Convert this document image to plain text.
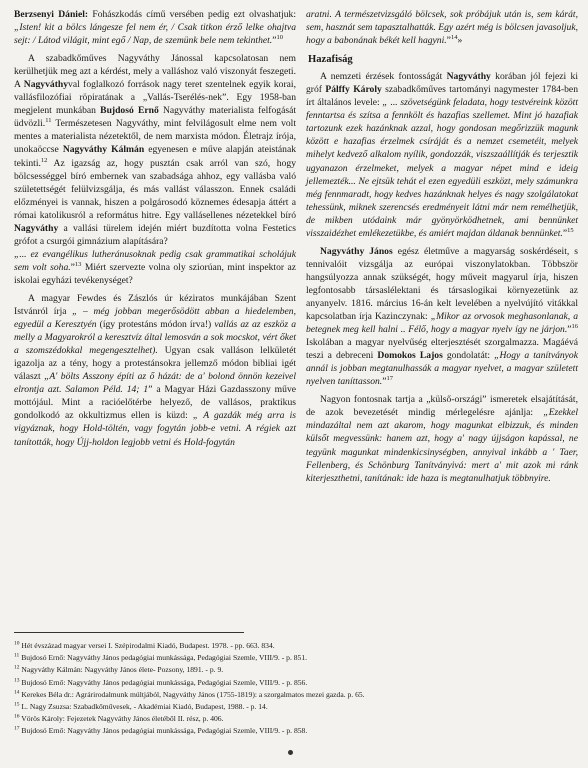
Berzsenyi Dániel: Fohászkodás című versében pedig ezt olvashatjuk: „Isten! kit a bölcs lángesze fel nem ér, / Csak titkon érző lelke ohajtva sejt: / Látod világit, mint egő / Nap, de szemünk bele nem tekinthet.”$^{10}$

A szabadkőműves Nagyváthy Jánossal kapcsolatosan nem kerülhetjük meg azt a kérdést, mely a valláshoz való viszonyát feszegeti. A Nagyváthyval foglalkozó források nagy teret szentelnek egyik korai, vallásfilozófiai röpiratának a „Vallás-Tserélés-nek”. Egy 1958-ban megjelent munkában Bujdosó Ernő Nagyváthy materialista felfogását üdvözli.$^{11}$ Természetesen Nagyváthy, mint felvilágosult elme nem volt mentes a materialista nézetektől, de nem marxista módon. Életrajz írója, unokaöccse Nagyváthy Kálmán egyenesen e műve alapján ateistának tekinti.$^{12}$ Az igazság az, hogy pusztán csak arról van szó, hogy bölcsességgel bíró embernek van szabadsága ahhoz, egy vallásba való születettségét felülvizsgálja, és más vallást válasszon. Ennek családi előzményei is vannak, hiszen a polgárosodó köznemes édesapja áttért a római katolikusról a református hitre. Egy vallásellenes nézetekkel bíró Nagyváthy a vallási türelem idején miért buzdította volna Festetics grófot a csurgói gimnázium alapítására?

„... ez evangélikus lutheránusoknak pedig csak grammatikai scholájuk sem volt soha.”$^{13}$ Miért szervezte volna oly sziorúan, mint inspektor az iskolai egyházi tevékenységet?

A magyar Fewdes és Zászlós úr kéziratos munkájában Szent Istvánról írja „ – még jobban megerősödött abban a hiedelemben, egyedül a Keresztyén (így protestáns módon írva!) vallás az az eszköz a melly a Magyarokról a keresztvíz által lemosván a sok mocskot, vért őket a szomszédokkal megengesztelhet). Ugyan csak valláson lelkületét igazolja az a tény, hogy a protestánsokra jellemző módon bibliai igét választ „A' bölts Asszony építi az ő házát: de a' bolond önnön kezeivel elrontja azt. Salamon Péld. 14; 1” a Magyar Házi Gazdasszony műve mottójául. Mint a racióelőtérbe helyező, de vallásos, praktikus gondolkodó az okkultizmus ellen is küzd: „ A gazdák még arra is vigyáznak, hogy Hold-töltén, vagy fogytán jobb-e vetni. A régiek azt tanították, hogy Újj-holdon legjobb vetni és Hold-fogytán

aratni. A természetvizsgáló bölcsek, sok próbájuk után is, sem kárát, sem, hasznát sem tapasztalhatták. Egy azért még is bölcsen javasoljuk, hogy a babonának békét kell hagyni.”$^{14}$»

Hazafiság

A nemzeti érzések fontosságát Nagyváthy korában jól fejezi ki gróf Pálffy Károly szabadkőműves tartományi nagymester 1784-ben írt általános levele: „ ... szövetségünk feladata, hogy testvéreink között fenntartsa és szítsa a fennkölt és hazafias szellemet. Mint jó hazafiak tartozunk ezek hazánknak azzal, hogy gondosan megőrizzük magunk között e hazafias érzelmek csíráját és a nemzet csemetéit, melyek mihelyt kedvező alkalom nyílik, gondozzák, viszszaállítják és terjesztik ugyanazon érzelmeket, melyek a magyar népet mind e ideig jellemezték... Ne ejtsük tehát el ezen egyedüli eszközt, mely számunkra még fennmaradt, hogy kedves hazánknak helyes és nagy szolgálatokat tehessünk, miknek szerencsés eredményeit látni már nem remélhetjük, de mikben utódaink már gyönyörködhetnek, ami bennünket visszaidézhet emlékezetükbe, és amiért majdan áldanak bennünket.”$^{15}$

Nagyváthy János egész életműve a magyarság soskérdéseit, s tennivalóit vizsgálja az európai viszonylatokban. Többször hangsúlyozza annak szükségét, hogy műveit magyarul írja, hiszen legfontosabb társaslélektani és társaslogikai környezetünk az anyanyelv. 1816. március 16-án kelt levelében a nyelvújító vitákkal kapcsolatban írja Kazinczynak: „Mikor az orvosok meghasonlanak, a betegnek meg kell halni .. Félő, hogy a magyar nyelv így ne járjon.”$^{16}$ Iskolában a magyar nyelvűség elterjesztését szorgalmazza. Magáévá teszi a debreceni Domokos Lajos gondolatát: „Hogy a tanítványok annál is jobban megtanulhassák a magyar nyelvet, a magyar született nyelven taníttasson.”$^{17}$

Nagyon fontosnak tartja a „külső-országi” ismeretek elsajátítását, de azok bevezetését mindig mérlegelésre ajánlja: „Ezekkel mindazáltal nem azt akarom, hogy magunkat elbizzuk, és minden külsőt megvessünk: hanem azt, hogy a' nagy újjságon kapással, ne tegyünk magunkat mindenkicsinységben, annyival inkább a ' Taer, Fellenberg, és Schönburg Tanítványivá: mert a' mit azok mi ránk kiterjeszthetni, tanítának: ide haza is megtanulhatjuk többnyire.

$^{10}$ Hét évszázad magyar versei I. Szépirodalmi Kiadó, Budapest. 1978. - pp. 663. 834.
$^{11}$ Bujdosó Ernő: Nagyváthy János pedagógiai munkássága, Pedagógiai Szemle, VIII/9. - p. 851.
$^{12}$ Nagyváthy Kálmán: Nagyváthy János élete- Pozsony, 1891. - p. 9.
$^{13}$ Bujdosó Ernő: Nagyváthy János pedagógiai munkássága, Pedagógiai Szemle, VIII/9. - p. 856.
$^{14}$ Kerekes Béla dr.: Agrárirodalmunk múltjából, Nagyváthy János (1755-1819): a szorgalmatos mezei gazda. p. 65.
$^{15}$ L. Nagy Zsuzsa: Szabadkőművesek, - Akadémiai Kiadó, Budapest, 1988. - p. 14.
$^{16}$ Vörös Károly: Fejezetek Nagyváthy János életéből II. rész, p. 406.
$^{17}$ Bujdosó Ernő: Nagyváthy János pedagógiai munkássága, Pedagógiai Szemle, VIII/9. - p. 858.
